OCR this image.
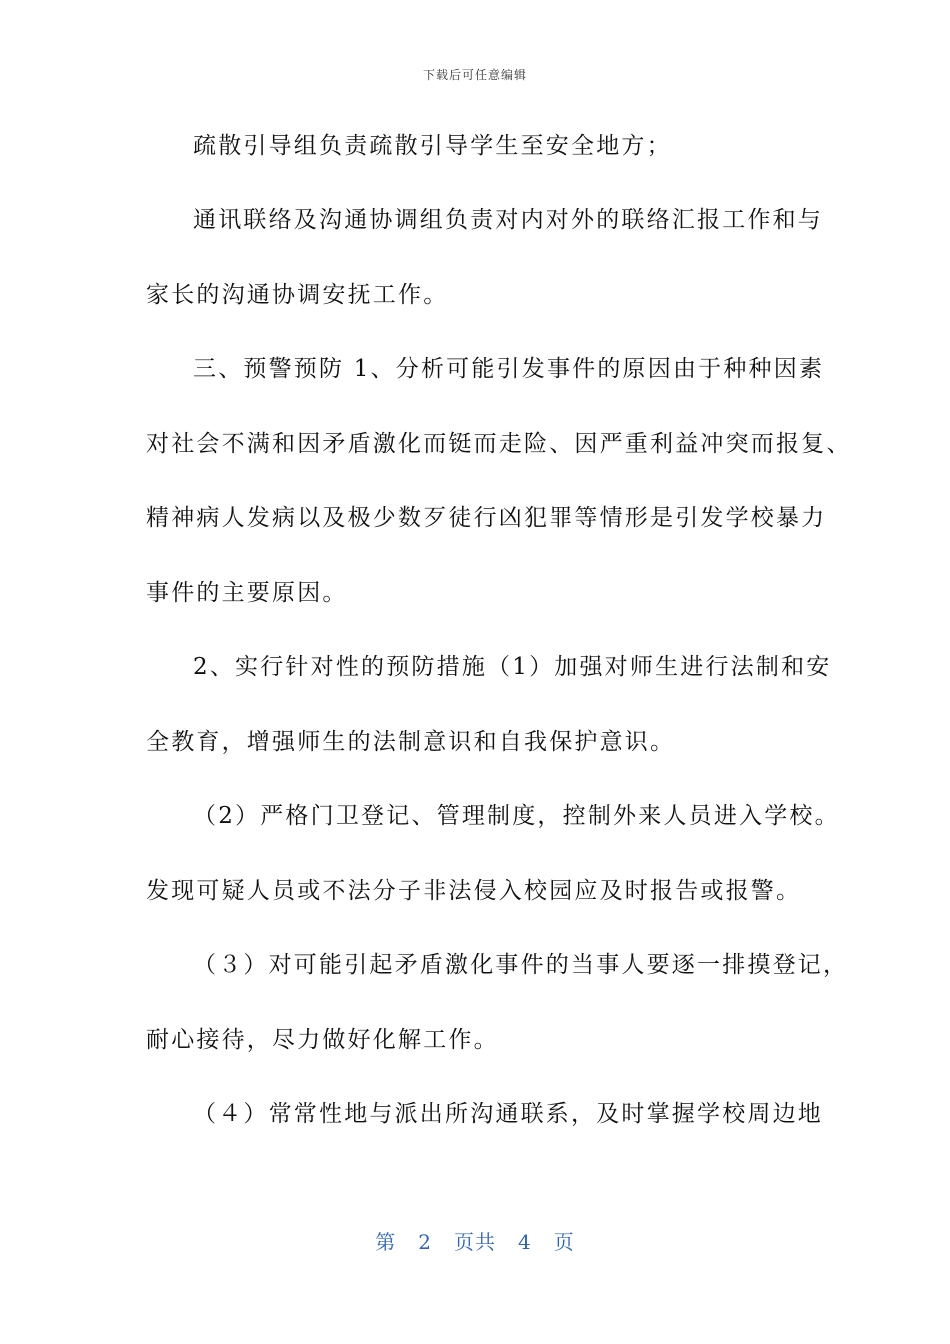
下载后可任意编辑
疏散引导组负责疏散引导学生至安全地方；
通讯联络及沟通协调组负责对内对外的联络汇报工作和与
家长的沟通协调安抚工作。
三、预警预防 1、分析可能引发事件的原因由于种种因素
对社会不满和因矛盾激化而铤而走险、因严重利益冲突而报复、
精神病人发病以及极少数歹徒行凶犯罪等情形是引发学校暴力
事件的主要原因。
2、实行针对性的预防措施（1）加强对师生进行法制和安
全教育，增强师生的法制意识和自我保护意识。
（2）严格门卫登记、管理制度，控制外来人员进入学校。
发现可疑人员或不法分子非法侵入校园应及时报告或报警。
（３）对可能引起矛盾激化事件的当事人要逐一排摸登记，
耐心接待，尽力做好化解工作。
（４）常常性地与派出所沟通联系，及时掌握学校周边地
第 2 页共 4 页
